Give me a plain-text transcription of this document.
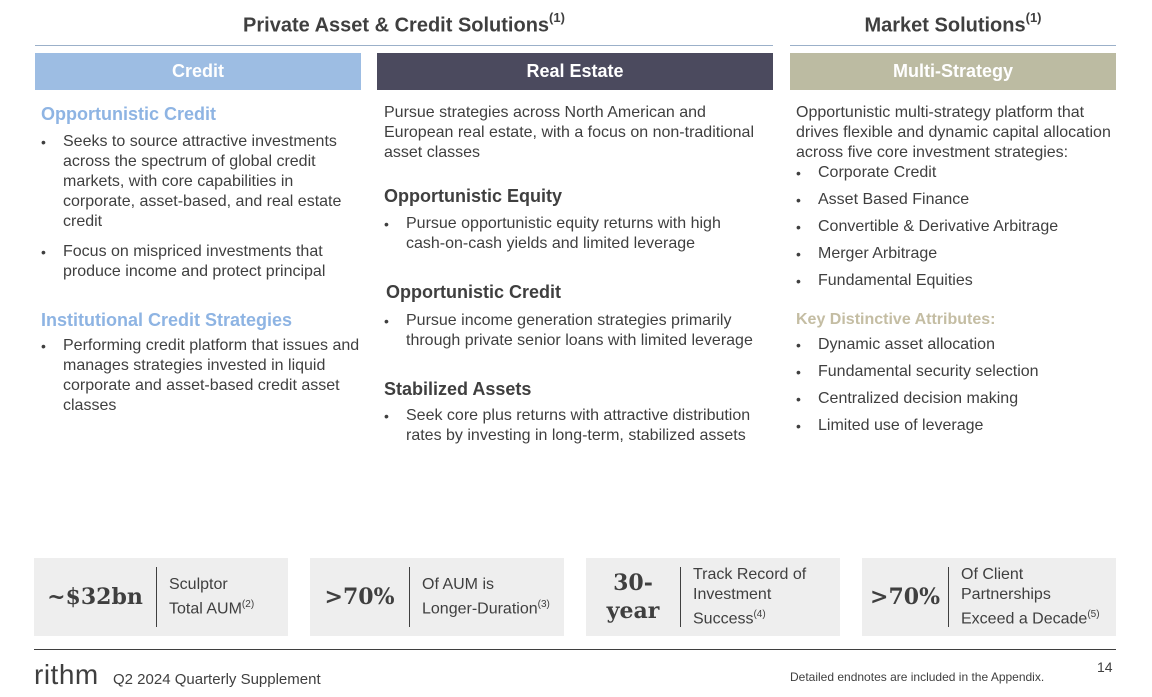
Private Asset & Credit Solutions$^{(1)}$	Market Solutions$^{(1)}$
Credit	Real Estate	Multi-Strategy
Opportunistic Credit
• Seeks to source attractive investments across the spectrum of global credit markets, with core capabilities in corporate, asset-based, and real estate credit
• Focus on mispriced investments that produce income and protect principal
Institutional Credit Strategies
• Performing credit platform that issues and manages strategies invested in liquid corporate and asset-based credit asset classes
Pursue strategies across North American and European real estate, with a focus on non-traditional asset classes
Opportunistic Equity
• Pursue opportunistic equity returns with high cash-on-cash yields and limited leverage
Opportunistic Credit
• Pursue income generation strategies primarily through private senior loans with limited leverage
Stabilized Assets
• Seek core plus returns with attractive distribution rates by investing in long-term, stabilized assets
Opportunistic multi-strategy platform that drives flexible and dynamic capital allocation across five core investment strategies:
• Corporate Credit
• Asset Based Finance
• Convertible & Derivative Arbitrage
• Merger Arbitrage
• Fundamental Equities
Key Distinctive Attributes:
• Dynamic asset allocation
• Fundamental security selection
• Centralized decision making
• Limited use of leverage
~$32bn	Sculptor
Total $AUM^{(2)}$	>70%	Of AUM is
Longer-Duration$^{(3)}$
30-
year
Track Record of
Investment
Success$^{(4)}$
>70%
Of Client
Partnerships
Exceed a Decade$^{(5)}$
rithm Q2 2024 Quarterly Supplement	Detailed endnotes are included in the Appendix.
14
